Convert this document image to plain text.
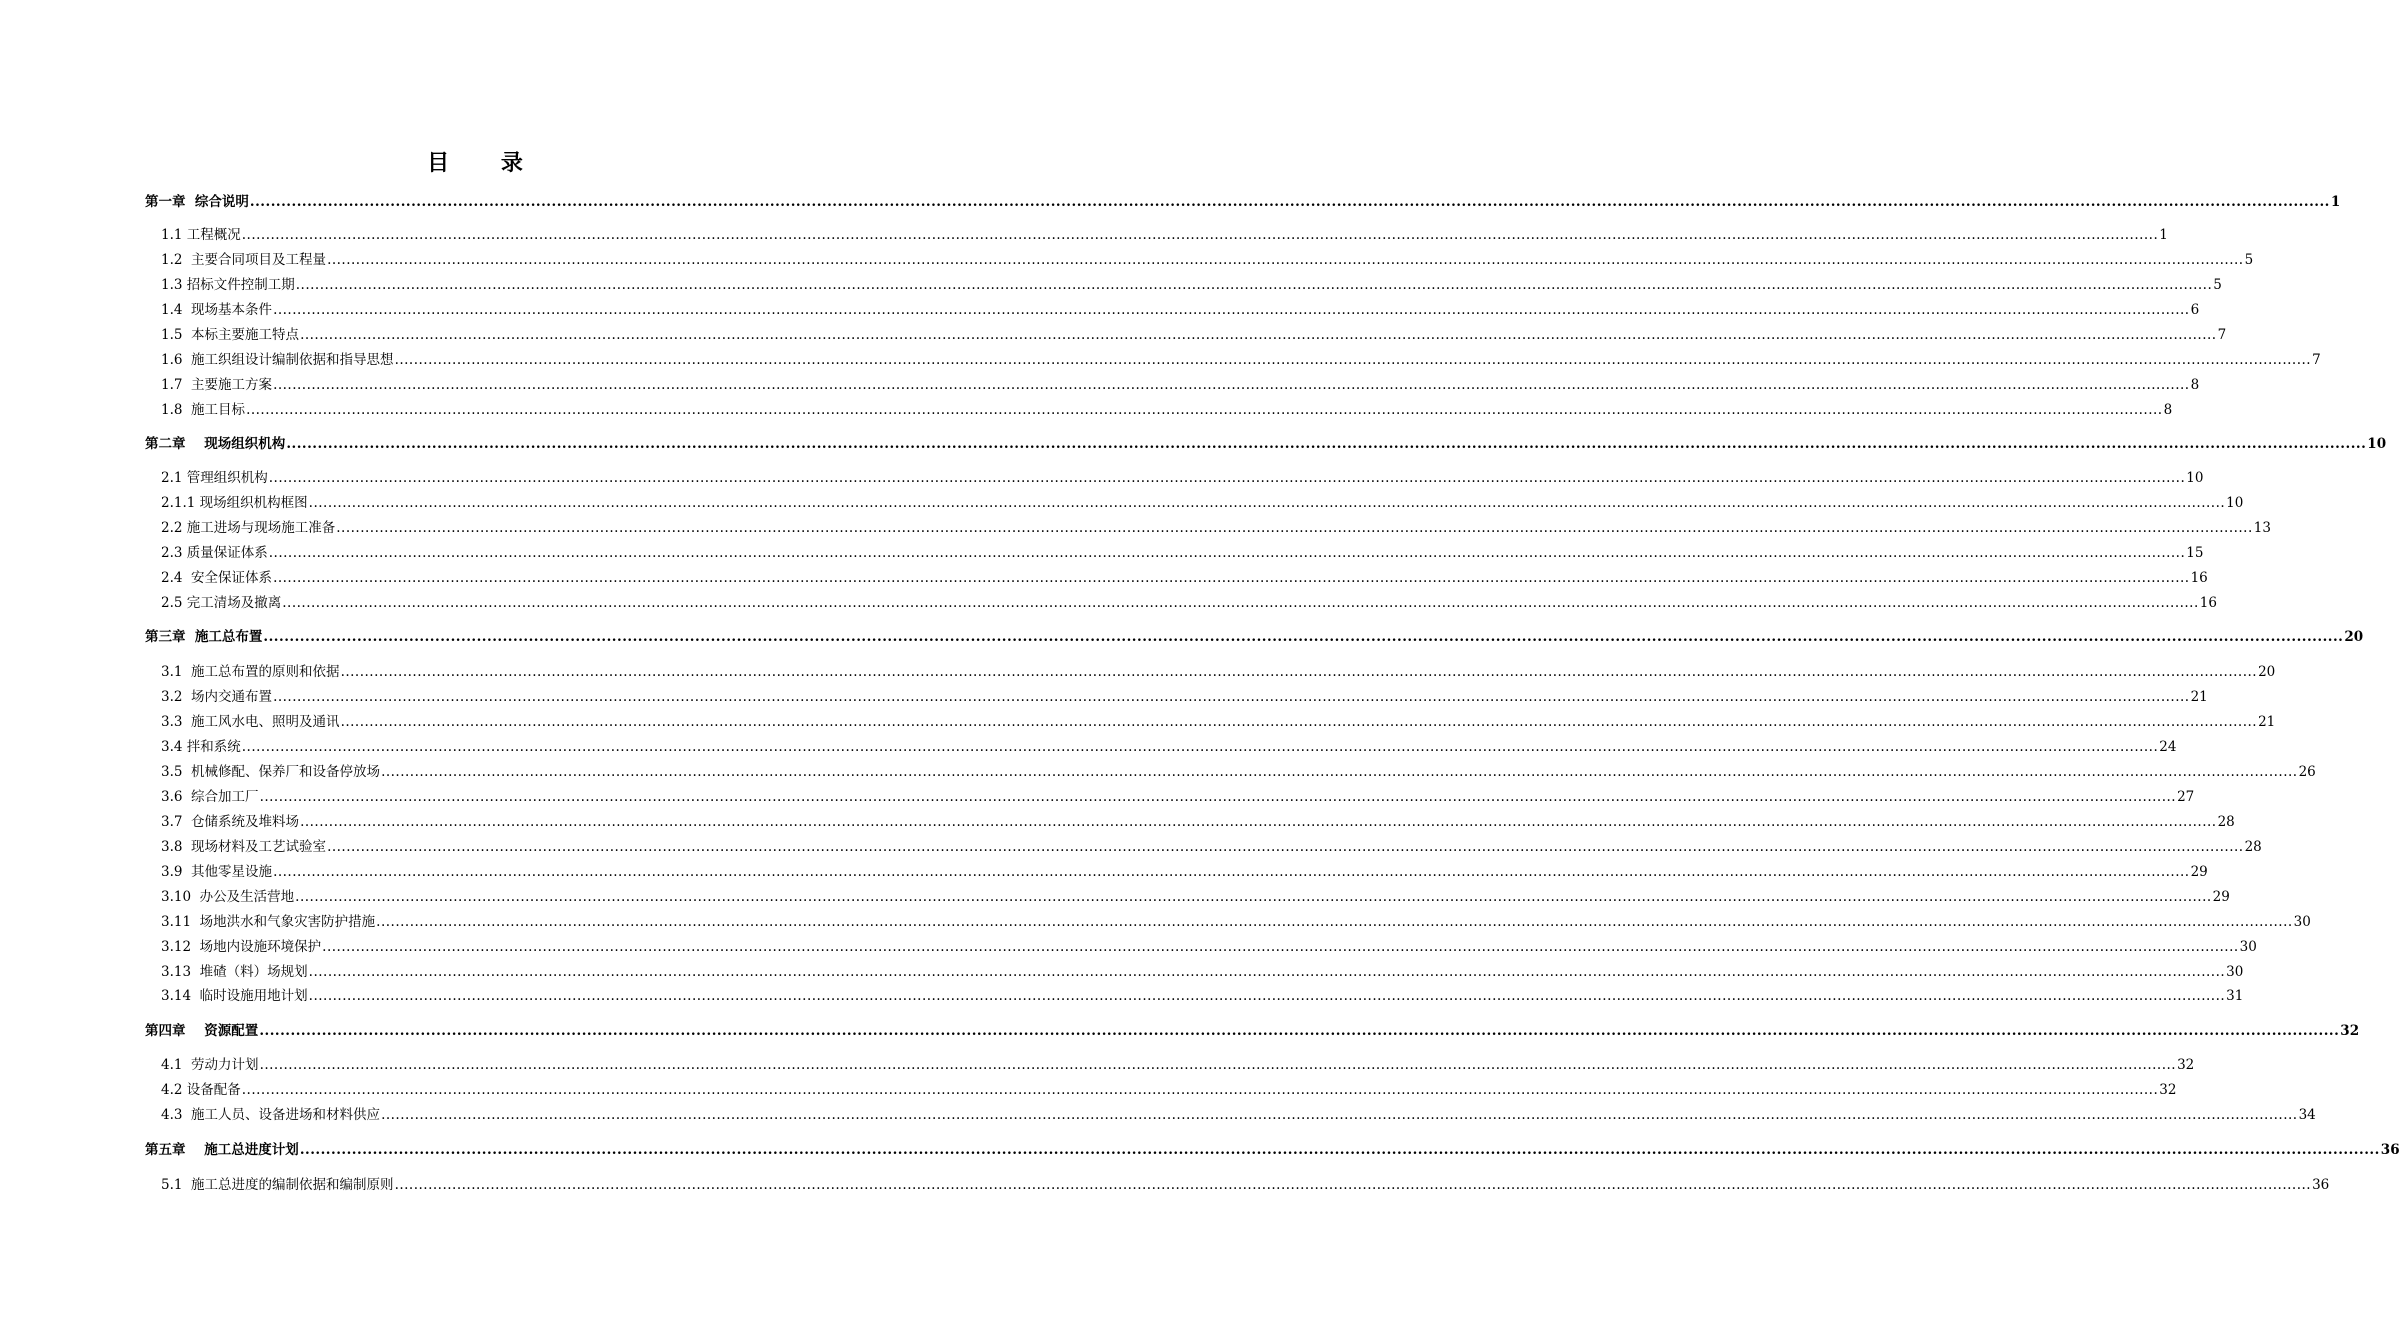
目 录
第一章  综合说明 ................................................................................................................................................................................................................................................................................................................................................................................................................ 1
1.1 工程概况 ................................................................................................................................................................................................................................................................................................................................................................................................................ 1
1.2  主要合同项目及工程量 ................................................................................................................................................................................................................................................................................................................................................................................................................ 5
1.3 招标文件控制工期 ................................................................................................................................................................................................................................................................................................................................................................................................................ 5
1.4  现场基本条件 ................................................................................................................................................................................................................................................................................................................................................................................................................ 6
1.5  本标主要施工特点 ................................................................................................................................................................................................................................................................................................................................................................................................................ 7
1.6  施工织组设计编制依据和指导思想 ................................................................................................................................................................................................................................................................................................................................................................................................................ 7
1.7  主要施工方案 ................................................................................................................................................................................................................................................................................................................................................................................................................ 8
1.8  施工目标 ................................................................................................................................................................................................................................................................................................................................................................................................................ 8
第二章    现场组织机构 ................................................................................................................................................................................................................................................................................................................................................................................................................ 10
2.1 管理组织机构 ................................................................................................................................................................................................................................................................................................................................................................................................................ 10
2.1.1 现场组织机构框图 ................................................................................................................................................................................................................................................................................................................................................................................................................ 10
2.2 施工进场与现场施工准备 ................................................................................................................................................................................................................................................................................................................................................................................................................ 13
2.3 质量保证体系 ................................................................................................................................................................................................................................................................................................................................................................................................................ 15
2.4  安全保证体系 ................................................................................................................................................................................................................................................................................................................................................................................................................ 16
2.5 完工清场及撤离 ................................................................................................................................................................................................................................................................................................................................................................................................................ 16
第三章  施工总布置 ................................................................................................................................................................................................................................................................................................................................................................................................................ 20
3.1  施工总布置的原则和依据 ................................................................................................................................................................................................................................................................................................................................................................................................................ 20
3.2  场内交通布置 ................................................................................................................................................................................................................................................................................................................................................................................................................ 21
3.3  施工风水电、照明及通讯 ................................................................................................................................................................................................................................................................................................................................................................................................................ 21
3.4 拌和系统 ................................................................................................................................................................................................................................................................................................................................................................................................................ 24
3.5  机械修配、保养厂和设备停放场 ................................................................................................................................................................................................................................................................................................................................................................................................................ 26
3.6  综合加工厂 ................................................................................................................................................................................................................................................................................................................................................................................................................ 27
3.7  仓储系统及堆料场 ................................................................................................................................................................................................................................................................................................................................................................................................................ 28
3.8  现场材料及工艺试验室 ................................................................................................................................................................................................................................................................................................................................................................................................................ 28
3.9  其他零星设施 ................................................................................................................................................................................................................................................................................................................................................................................................................ 29
3.10  办公及生活营地 ................................................................................................................................................................................................................................................................................................................................................................................................................ 29
3.11  场地洪水和气象灾害防护措施 ................................................................................................................................................................................................................................................................................................................................................................................................................ 30
3.12  场地内设施环境保护 ................................................................................................................................................................................................................................................................................................................................................................................................................ 30
3.13  堆碴（料）场规划 ................................................................................................................................................................................................................................................................................................................................................................................................................ 30
3.14  临时设施用地计划 ................................................................................................................................................................................................................................................................................................................................................................................................................ 31
第四章    资源配置 ................................................................................................................................................................................................................................................................................................................................................................................................................ 32
4.1  劳动力计划 ................................................................................................................................................................................................................................................................................................................................................................................................................ 32
4.2 设备配备 ................................................................................................................................................................................................................................................................................................................................................................................................................ 32
4.3  施工人员、设备进场和材料供应 ................................................................................................................................................................................................................................................................................................................................................................................................................ 34
第五章    施工总进度计划 ................................................................................................................................................................................................................................................................................................................................................................................................................ 36
5.1  施工总进度的编制依据和编制原则 ................................................................................................................................................................................................................................................................................................................................................................................................................ 36
